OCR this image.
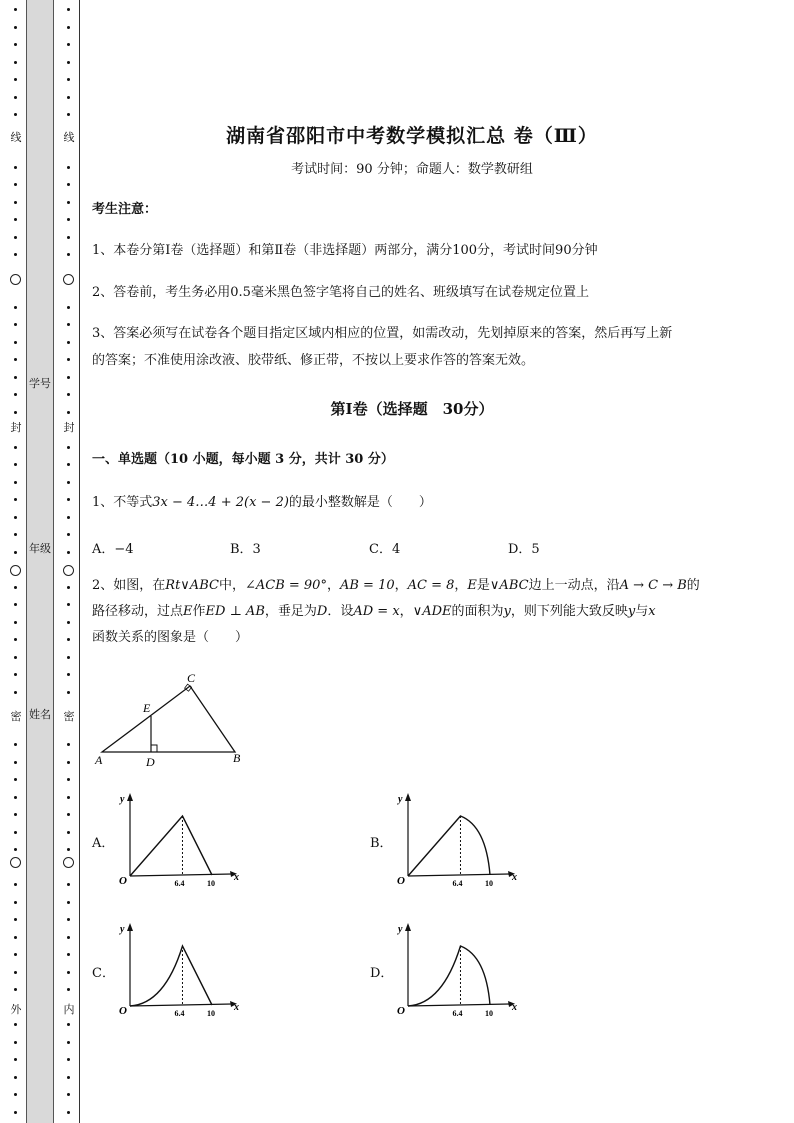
线
封
密
外
学号
年级
姓名
线
封
密
内
湖南省邵阳市中考数学模拟汇总 卷（Ⅲ）
考试时间：90 分钟；命题人：数学教研组
考生注意：
1、本卷分第Ⅰ卷（选择题）和第Ⅱ卷（非选择题）两部分，满分100分，考试时间90分钟
2、答卷前，考生务必用0.5毫米黑色签字笔将自己的姓名、班级填写在试卷规定位置上
3、答案必须写在试卷各个题目指定区域内相应的位置，如需改动，先划掉原来的答案，然后再写上新
的答案；不准使用涂改液、胶带纸、修正带，不按以上要求作答的答案无效。
第Ⅰ卷（选择题　30分）
一、单选题（10 小题，每小题 3 分，共计 30 分）
1、不等式3x − 4…4 + 2(x − 2)的最小整数解是（　　）
A．−4	B．3	C．4	D．5
2、如图，在Rt∨ABC中，∠ACB = 90°，AB = 10，AC = 8，E是∨ABC边上一动点，沿A → C → B的
路径移动，过点E作ED ⊥ AB，垂足为D．设AD = x，∨ADE的面积为y，则下列能大致反映y与x
函数关系的图象是（　　）
A	B
C
D
E
A．
y
x
O	6.4	10
B．
y
x
O	6.4	10
C．
y
x
O	6.4	10
D．
y
x
O	6.4	10
